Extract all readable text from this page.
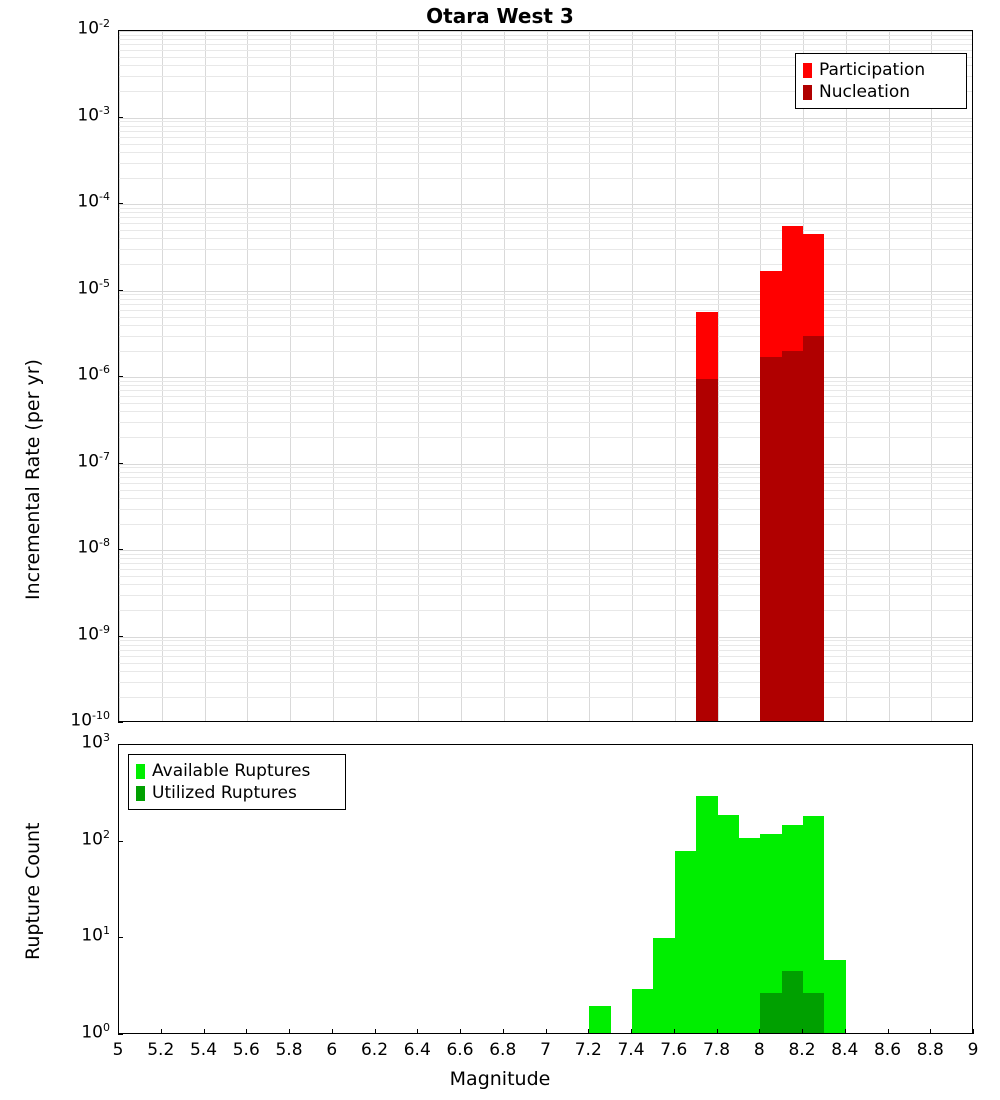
Otara West 3
$10^{-10}$
$10^{-9}$
$10^{-8}$
$10^{-7}$
$10^{-6}$
$10^{-5}$
$10^{-4}$
$10^{-3}$
$10^{-2}$
Incremental Rate (per yr)
Participation
Nucleation
$10^0$
$10^1$
$10^2$
$10^3$
5	5.2 5.4 5.6 5.8	6	6.2 6.4 6.6 6.8	7	7.2 7.4 7.6 7.8	8	8.2 8.4 8.6 8.8	9
Rupture Count
Magnitude
Available Ruptures
Utilized Ruptures
